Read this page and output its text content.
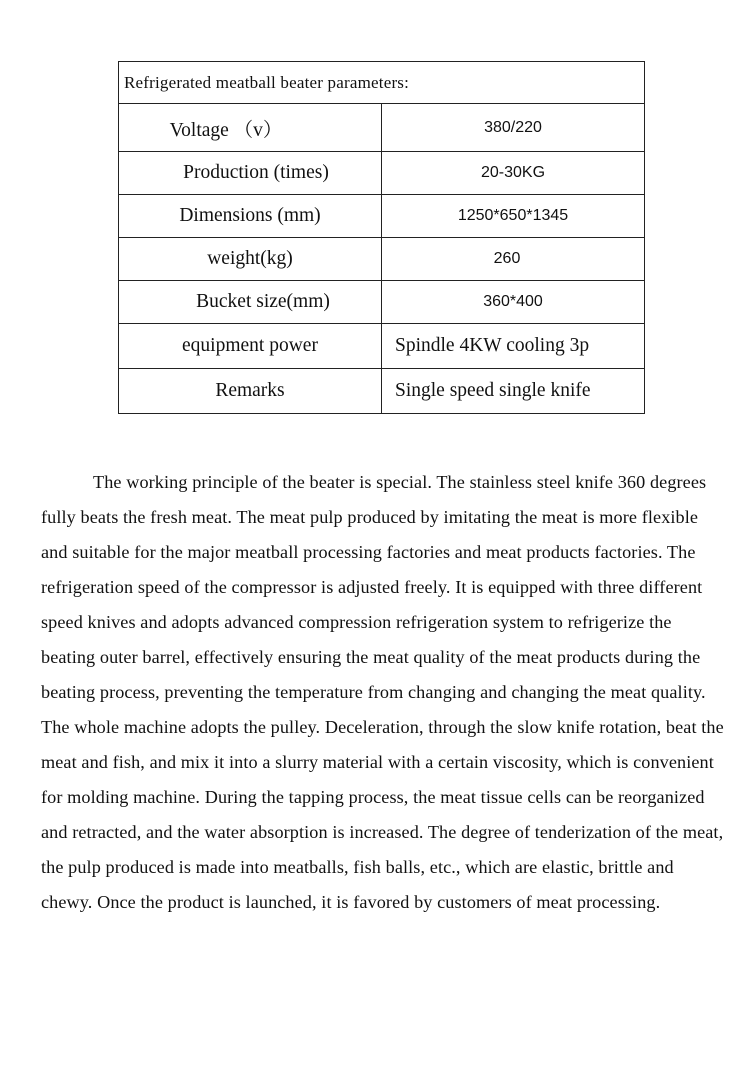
Refrigerated meatball beater parameters:	
Voltage （v）	380/220
Production (times)	20-30KG
Dimensions (mm)	1250*650*1345
weight(kg)	260
Bucket size(mm)	360*400
equipment power	Spindle 4KW cooling 3p
Remarks	Single speed single knife

The working principle of the beater is special. The stainless steel knife 360 degrees fully beats the fresh meat. The meat pulp produced by imitating the meat is more flexible and suitable for the major meatball processing factories and meat products factories. The refrigeration speed of the compressor is adjusted freely. It is equipped with three different speed knives and adopts advanced compression refrigeration system to refrigerize the beating outer barrel, effectively ensuring the meat quality of the meat products during the beating process, preventing the temperature from changing and changing the meat quality. The whole machine adopts the pulley. Deceleration, through the slow knife rotation, beat the meat and fish, and mix it into a slurry material with a certain viscosity, which is convenient for molding machine. During the tapping process, the meat tissue cells can be reorganized and retracted, and the water absorption is increased. The degree of tenderization of the meat, the pulp produced is made into meatballs, fish balls, etc., which are elastic, brittle and chewy. Once the product is launched, it is favored by customers of meat processing.
